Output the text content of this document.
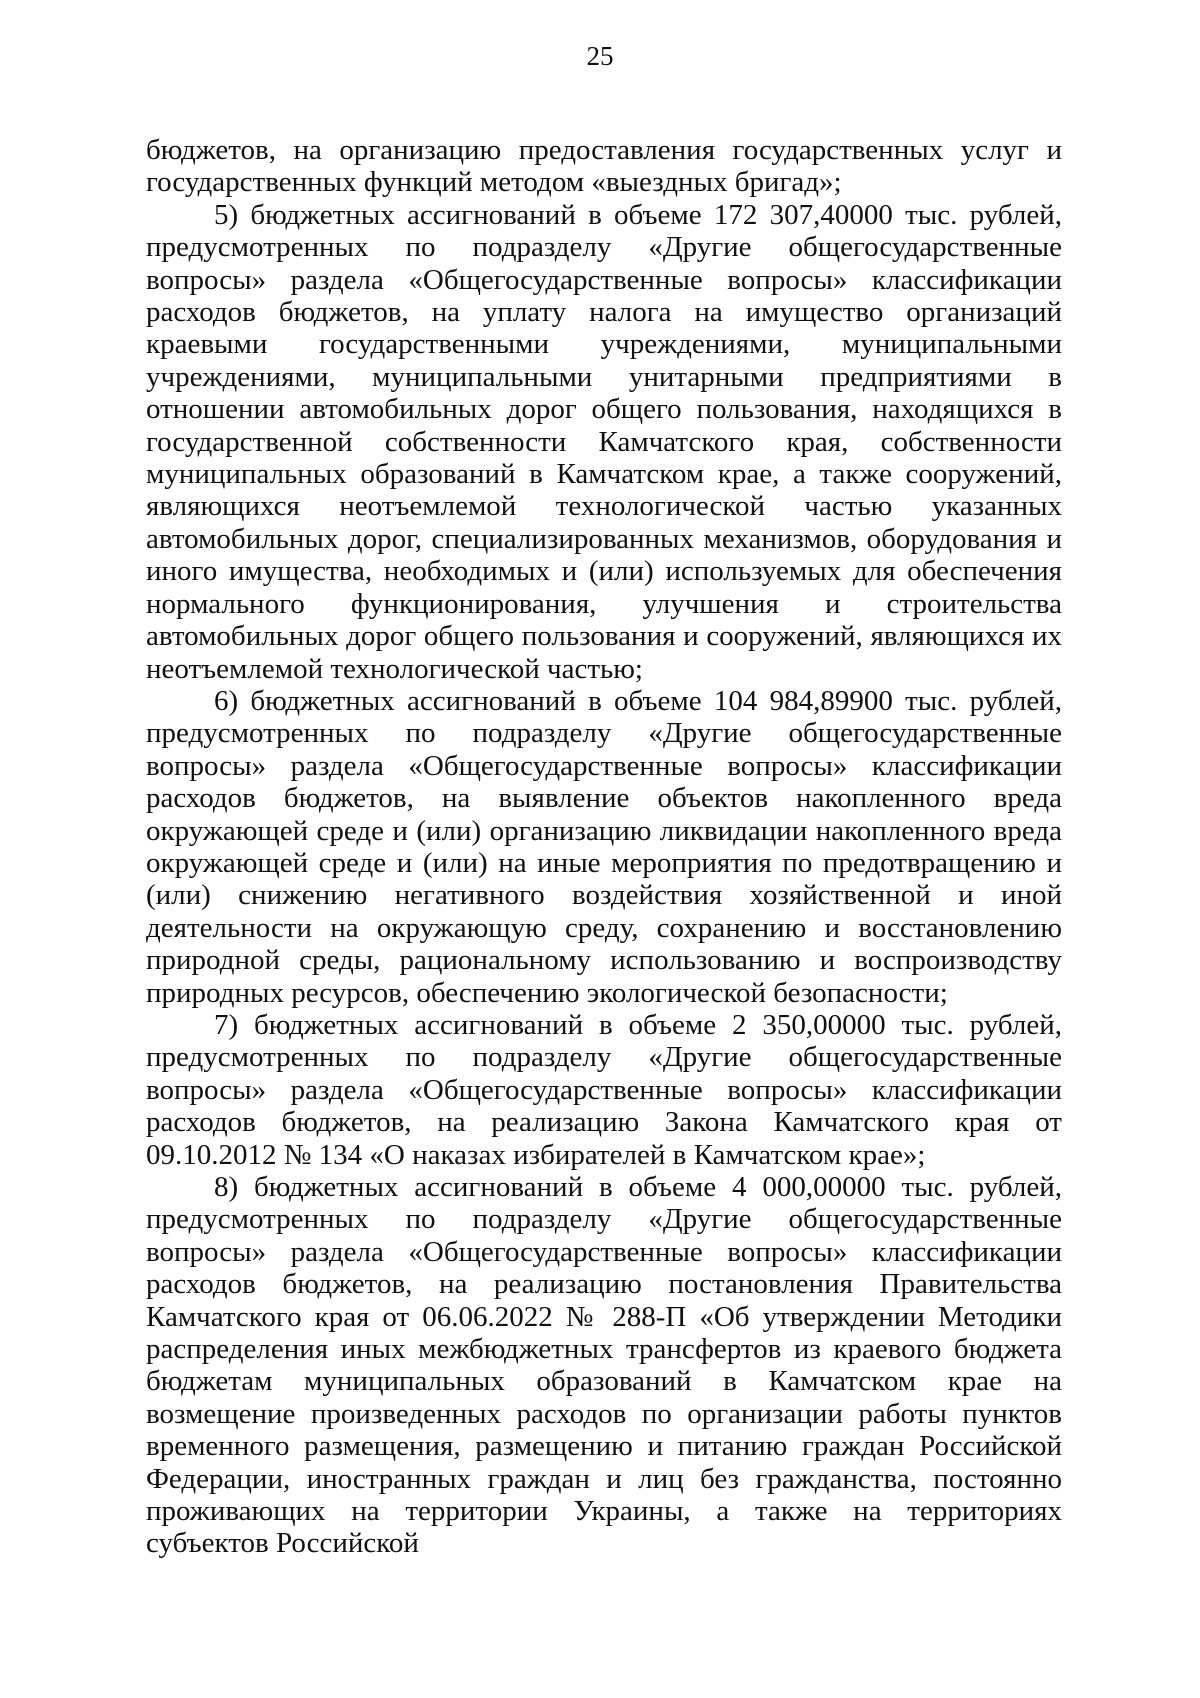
25

бюджетов, на организацию предоставления государственных услуг и государственных функций методом «выездных бригад»;

5) бюджетных ассигнований в объеме 172 307,40000 тыс. рублей, предусмотренных по подразделу «Другие общегосударственные вопросы» раздела «Общегосударственные вопросы» классификации расходов бюджетов, на уплату налога на имущество организаций краевыми государственными учреждениями, муниципальными учреждениями, муниципальными унитарными предприятиями в отношении автомобильных дорог общего пользования, находящихся в государственной собственности Камчатского края, собственности муниципальных образований в Камчатском крае, а также сооружений, являющихся неотъемлемой технологической частью указанных автомобильных дорог, специализированных механизмов, оборудования и иного имущества, необходимых и (или) используемых для обеспечения нормального функционирования, улучшения и строительства автомобильных дорог общего пользования и сооружений, являющихся их неотъемлемой технологической частью;

6) бюджетных ассигнований в объеме 104 984,89900 тыс. рублей, предусмотренных по подразделу «Другие общегосударственные вопросы» раздела «Общегосударственные вопросы» классификации расходов бюджетов, на выявление объектов накопленного вреда окружающей среде и (или) организацию ликвидации накопленного вреда окружающей среде и (или) на иные мероприятия по предотвращению и (или) снижению негативного воздействия хозяйственной и иной деятельности на окружающую среду, сохранению и восстановлению природной среды, рациональному использованию и воспроизводству природных ресурсов, обеспечению экологической безопасности;

7) бюджетных ассигнований в объеме 2 350,00000 тыс. рублей, предусмотренных по подразделу «Другие общегосударственные вопросы» раздела «Общегосударственные вопросы» классификации расходов бюджетов, на реализацию Закона Камчатского края от 09.10.2012 № 134 «О наказах избирателей в Камчатском крае»;

8) бюджетных ассигнований в объеме 4 000,00000 тыс. рублей, предусмотренных по подразделу «Другие общегосударственные вопросы» раздела «Общегосударственные вопросы» классификации расходов бюджетов, на реализацию постановления Правительства Камчатского края от 06.06.2022 № 288-П «Об утверждении Методики распределения иных межбюджетных трансфертов из краевого бюджета бюджетам муниципальных образований в Камчатском крае на возмещение произведенных расходов по организации работы пунктов временного размещения, размещению и питанию граждан Российской Федерации, иностранных граждан и лиц без гражданства, постоянно проживающих на территории Украины, а также на территориях субъектов Российской
